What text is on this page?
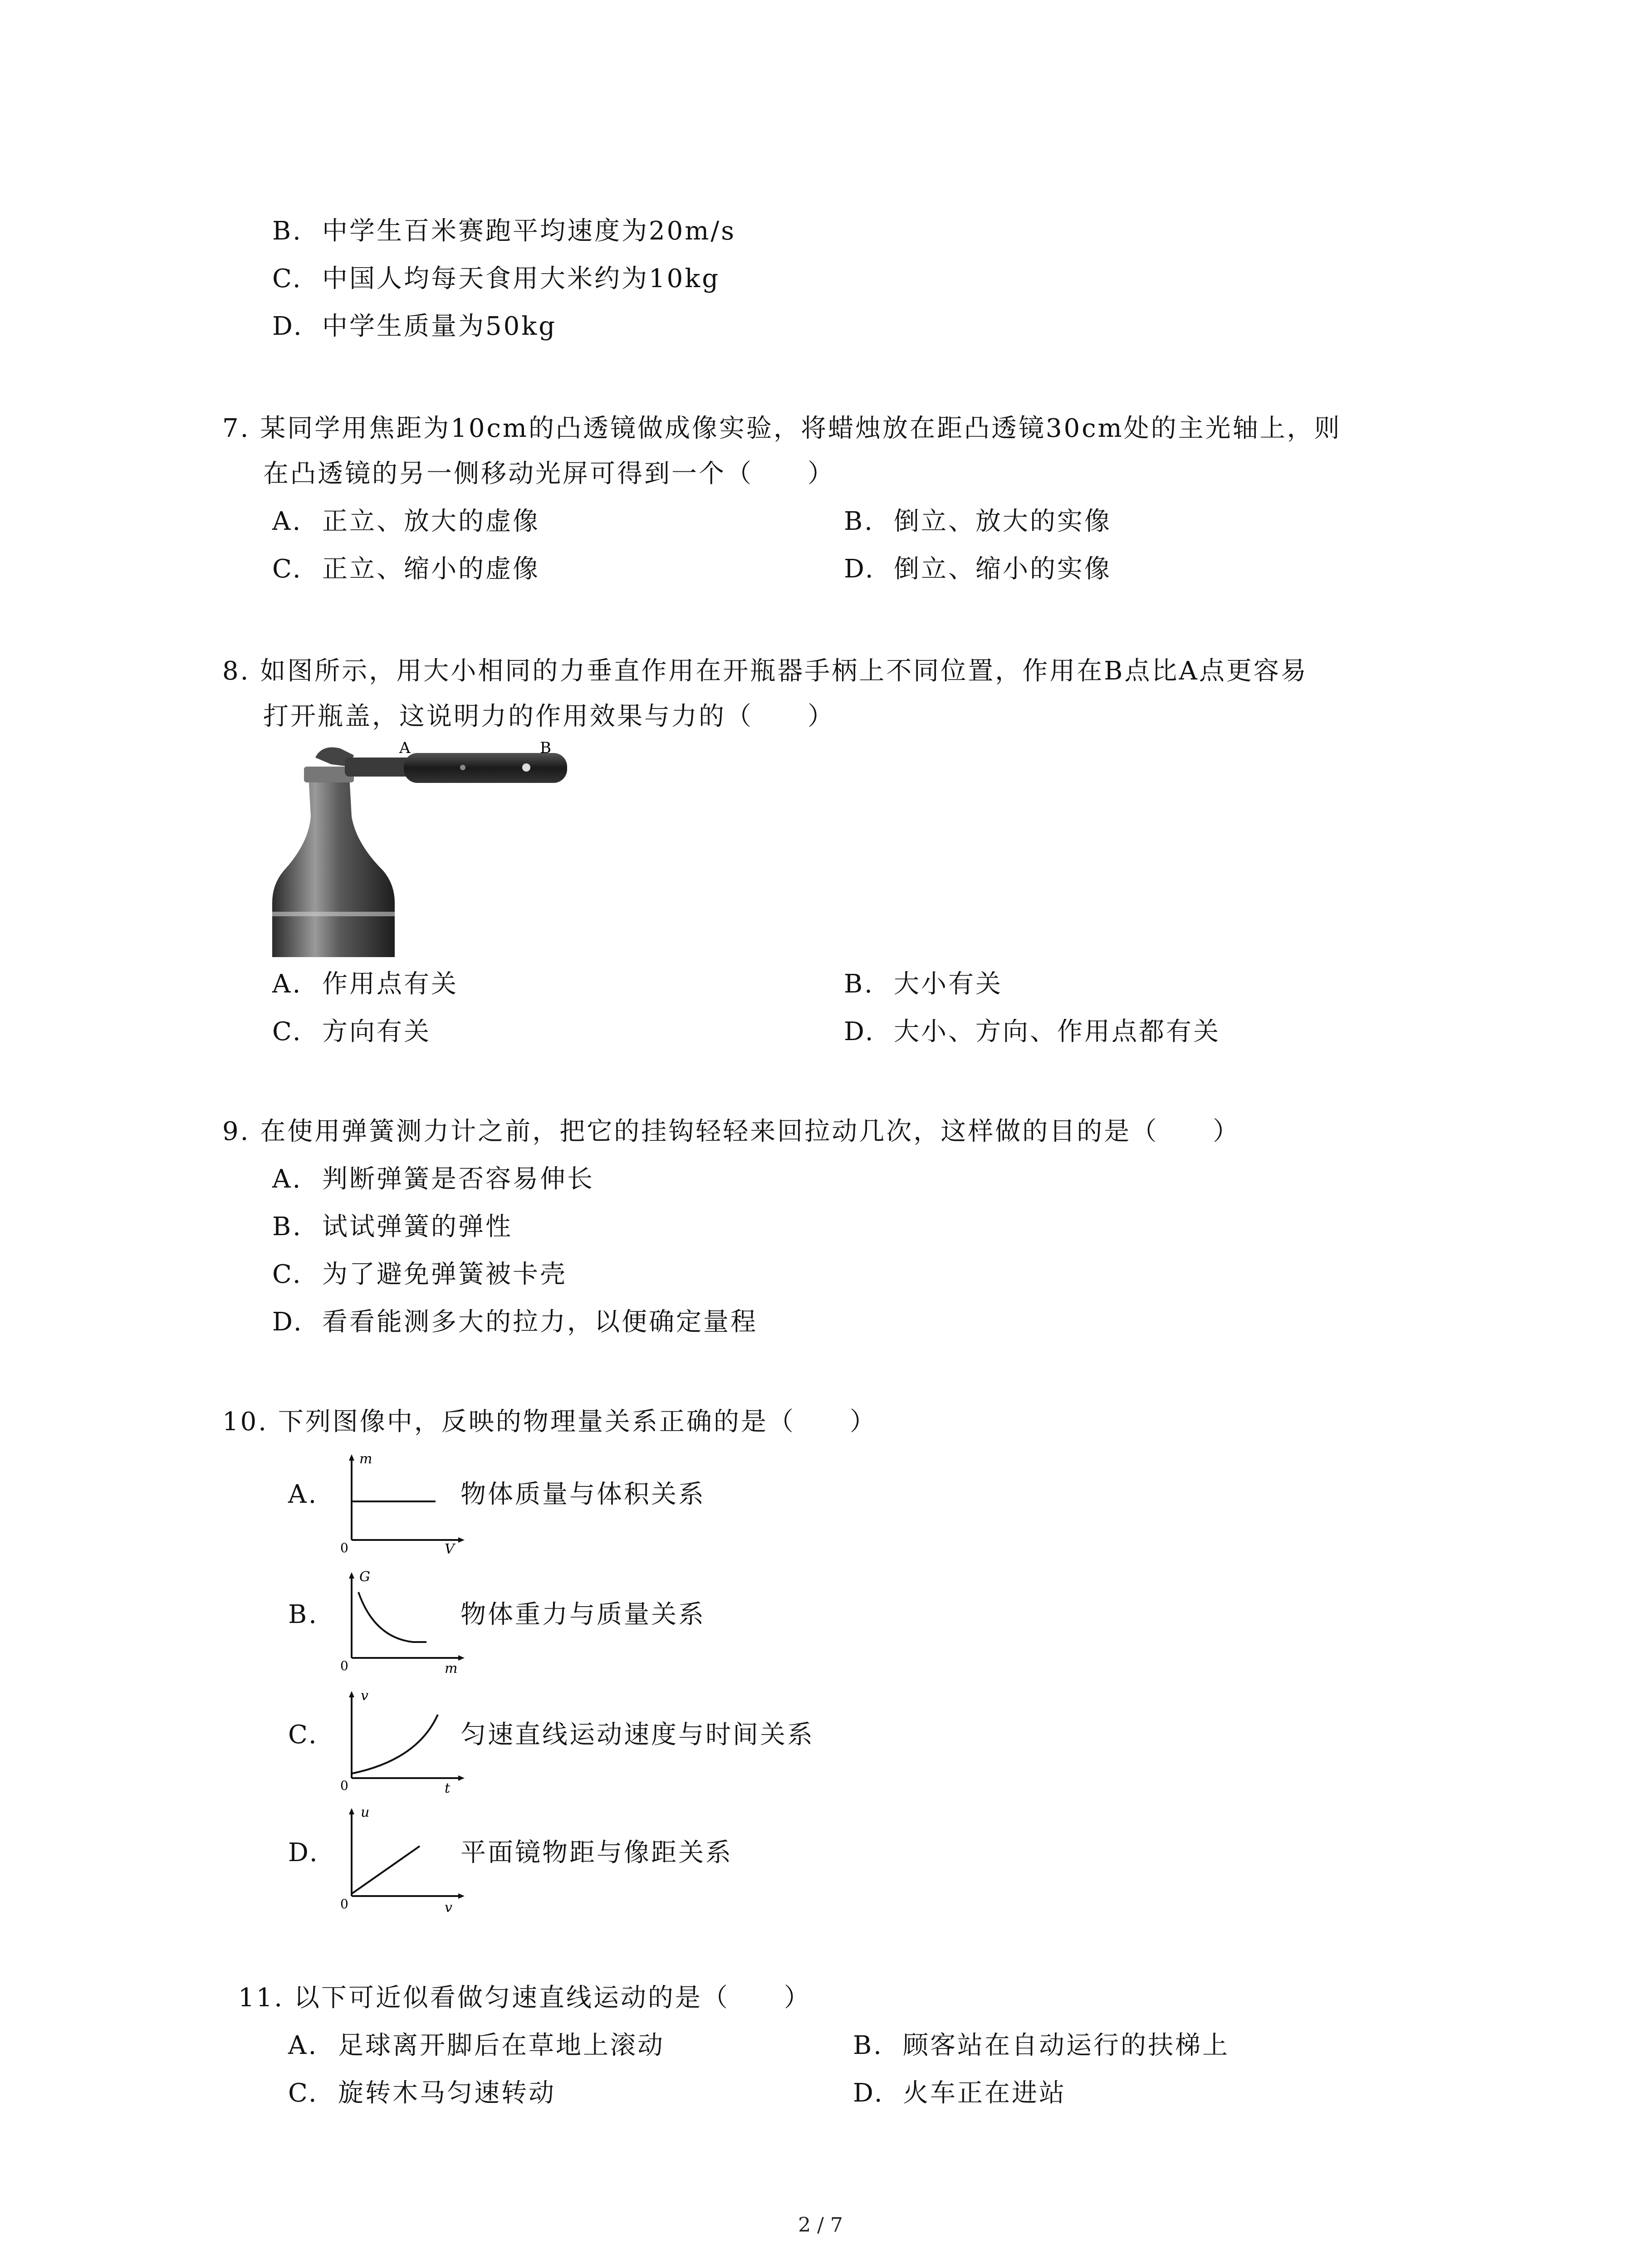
B. 中学生百米赛跑平均速度为20m/s
C. 中国人均每天食用大米约为10kg
D. 中学生质量为50kg
7. 某同学用焦距为10cm的凸透镜做成像实验，将蜡烛放在距凸透镜30cm处的主光轴上，则
在凸透镜的另一侧移动光屏可得到一个（　　）
A. 正立、放大的虚像	B. 倒立、放大的实像
C. 正立、缩小的虚像	D. 倒立、缩小的实像
8. 如图所示，用大小相同的力垂直作用在开瓶器手柄上不同位置，作用在B点比A点更容易
打开瓶盖，这说明力的作用效果与力的（　　）
A	B
A. 作用点有关	B. 大小有关
C. 方向有关	D. 大小、方向、作用点都有关
9. 在使用弹簧测力计之前，把它的挂钩轻轻来回拉动几次，这样做的目的是（　　）
A. 判断弹簧是否容易伸长
B. 试试弹簧的弹性
C. 为了避免弹簧被卡壳
D. 看看能测多大的拉力，以便确定量程
10. 下列图像中，反映的物理量关系正确的是（　　）
A.
m
V
0
物体质量与体积关系
B.
G
m
0
物体重力与质量关系
C.
v
t
0
匀速直线运动速度与时间关系
D.
u
v
0
平面镜物距与像距关系
11. 以下可近似看做匀速直线运动的是（　　）
A. 足球离开脚后在草地上滚动	B. 顾客站在自动运行的扶梯上
C. 旋转木马匀速转动	D. 火车正在进站
2 / 7
